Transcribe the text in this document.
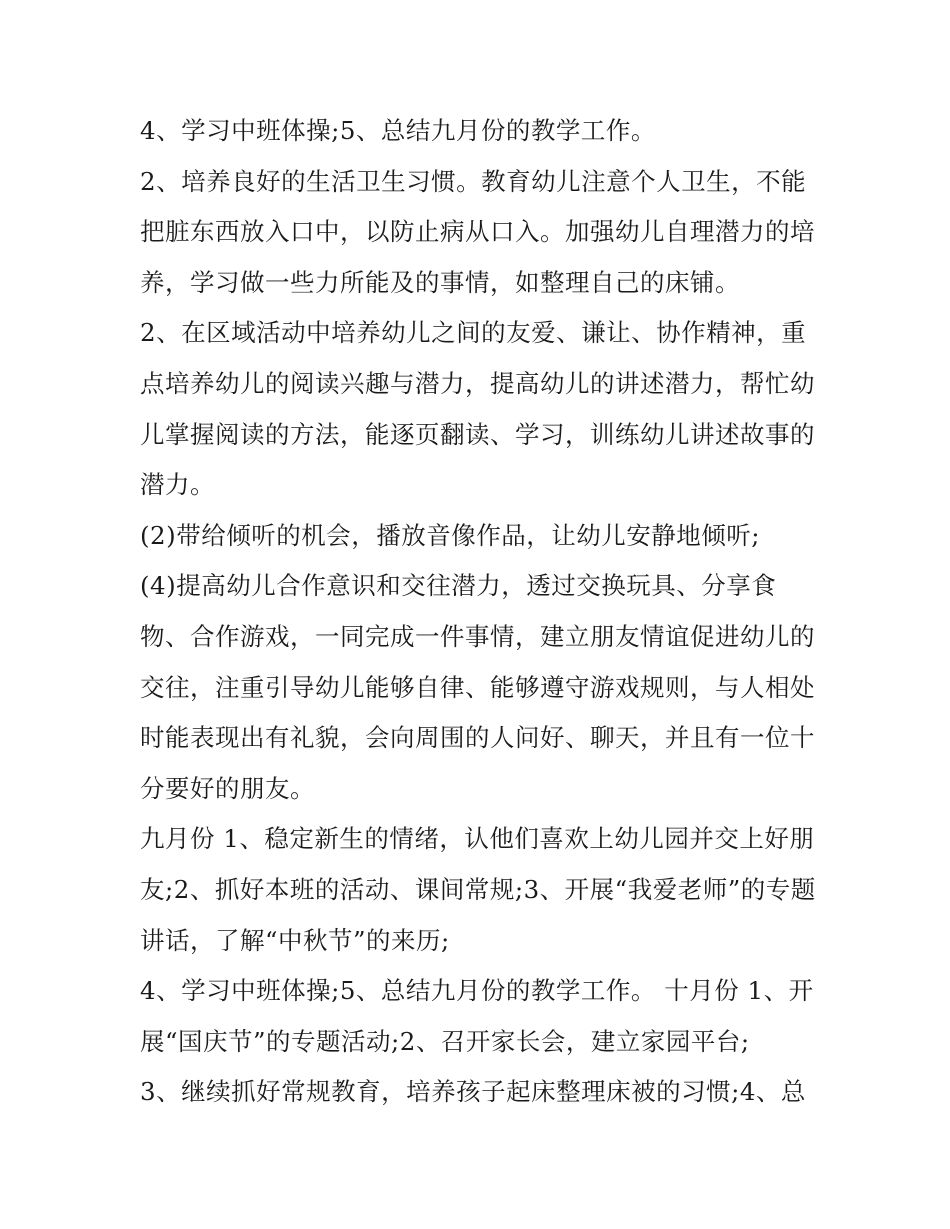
4、学习中班体操;5、总结九月份的教学工作。
2、培养良好的生活卫生习惯。教育幼儿注意个人卫生，不能
把脏东西放入口中，以防止病从口入。加强幼儿自理潜力的培
养，学习做一些力所能及的事情，如整理自己的床铺。
2、在区域活动中培养幼儿之间的友爱、谦让、协作精神，重
点培养幼儿的阅读兴趣与潜力，提高幼儿的讲述潜力，帮忙幼
儿掌握阅读的方法，能逐页翻读、学习，训练幼儿讲述故事的
潜力。
(2)带给倾听的机会，播放音像作品，让幼儿安静地倾听;
(4)提高幼儿合作意识和交往潜力，透过交换玩具、分享食
物、合作游戏，一同完成一件事情，建立朋友情谊促进幼儿的
交往，注重引导幼儿能够自律、能够遵守游戏规则，与人相处
时能表现出有礼貌，会向周围的人问好、聊天，并且有一位十
分要好的朋友。
九月份 1、稳定新生的情绪，认他们喜欢上幼儿园并交上好朋
友;2、抓好本班的活动、课间常规;3、开展“我爱老师”的专题
讲话，了解“中秋节”的来历;
4、学习中班体操;5、总结九月份的教学工作。 十月份 1、开
展“国庆节”的专题活动;2、召开家长会，建立家园平台;
3、继续抓好常规教育，培养孩子起床整理床被的习惯;4、总
